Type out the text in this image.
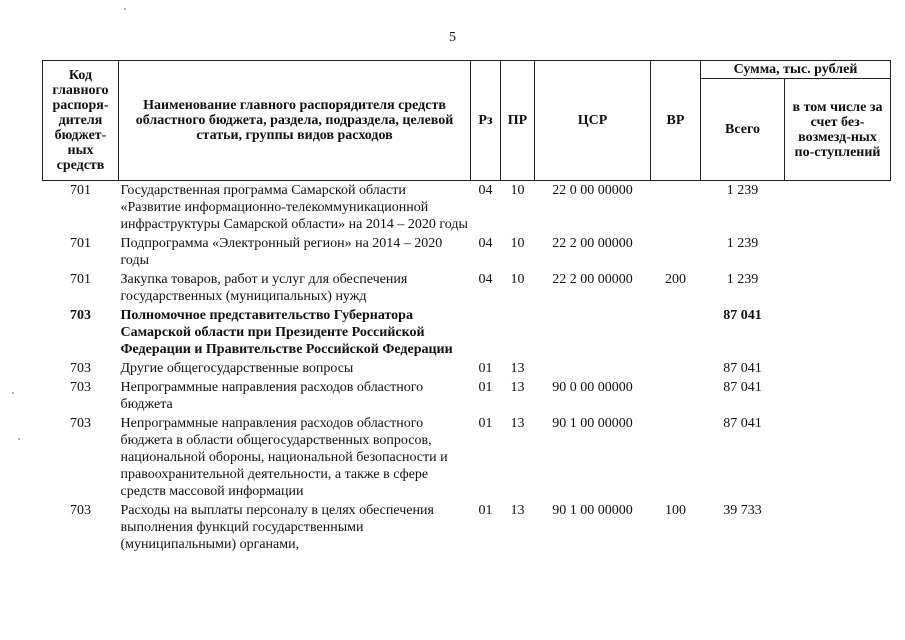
5
Код главного распоря-дителя бюджет-ных средств	Наименование главного распорядителя средств областного бюджета, раздела, подраздела, целевой статьи, группы видов расходов	Рз	ПР	ЦСР	ВР	Сумма, тыс. рублей	
						Всего	в том числе за счет без-возмезд-ных по-ступлений
701	Государственная программа Самарской области «Развитие информационно-телекоммуникационной инфраструктуры Самарской области» на 2014 – 2020 годы	04	10	22 0 00 00000		1 239	
701	Подпрограмма «Электронный регион» на 2014 – 2020 годы	04	10	22 2 00 00000		1 239	
701	Закупка товаров, работ и услуг для обеспечения государственных (муниципальных) нужд	04	10	22 2 00 00000	200	1 239	
703	Полномочное представительство Губернатора Самарской области при Президенте Российской Федерации и Правительстве Российской Федерации					87 041	
703	Другие общегосударственные вопросы	01	13			87 041	
703	Непрограммные направления расходов областного бюджета	01	13	90 0 00 00000		87 041	
703	Непрограммные направления расходов областного бюджета в области общегосударственных вопросов, национальной обороны, национальной безопасности и правоохранительной деятельности, а также в сфере средств массовой информации	01	13	90 1 00 00000		87 041	
703	Расходы на выплаты персоналу в целях обеспечения выполнения функций государственными (муниципальными) органами,	01	13	90 1 00 00000	100	39 733	
